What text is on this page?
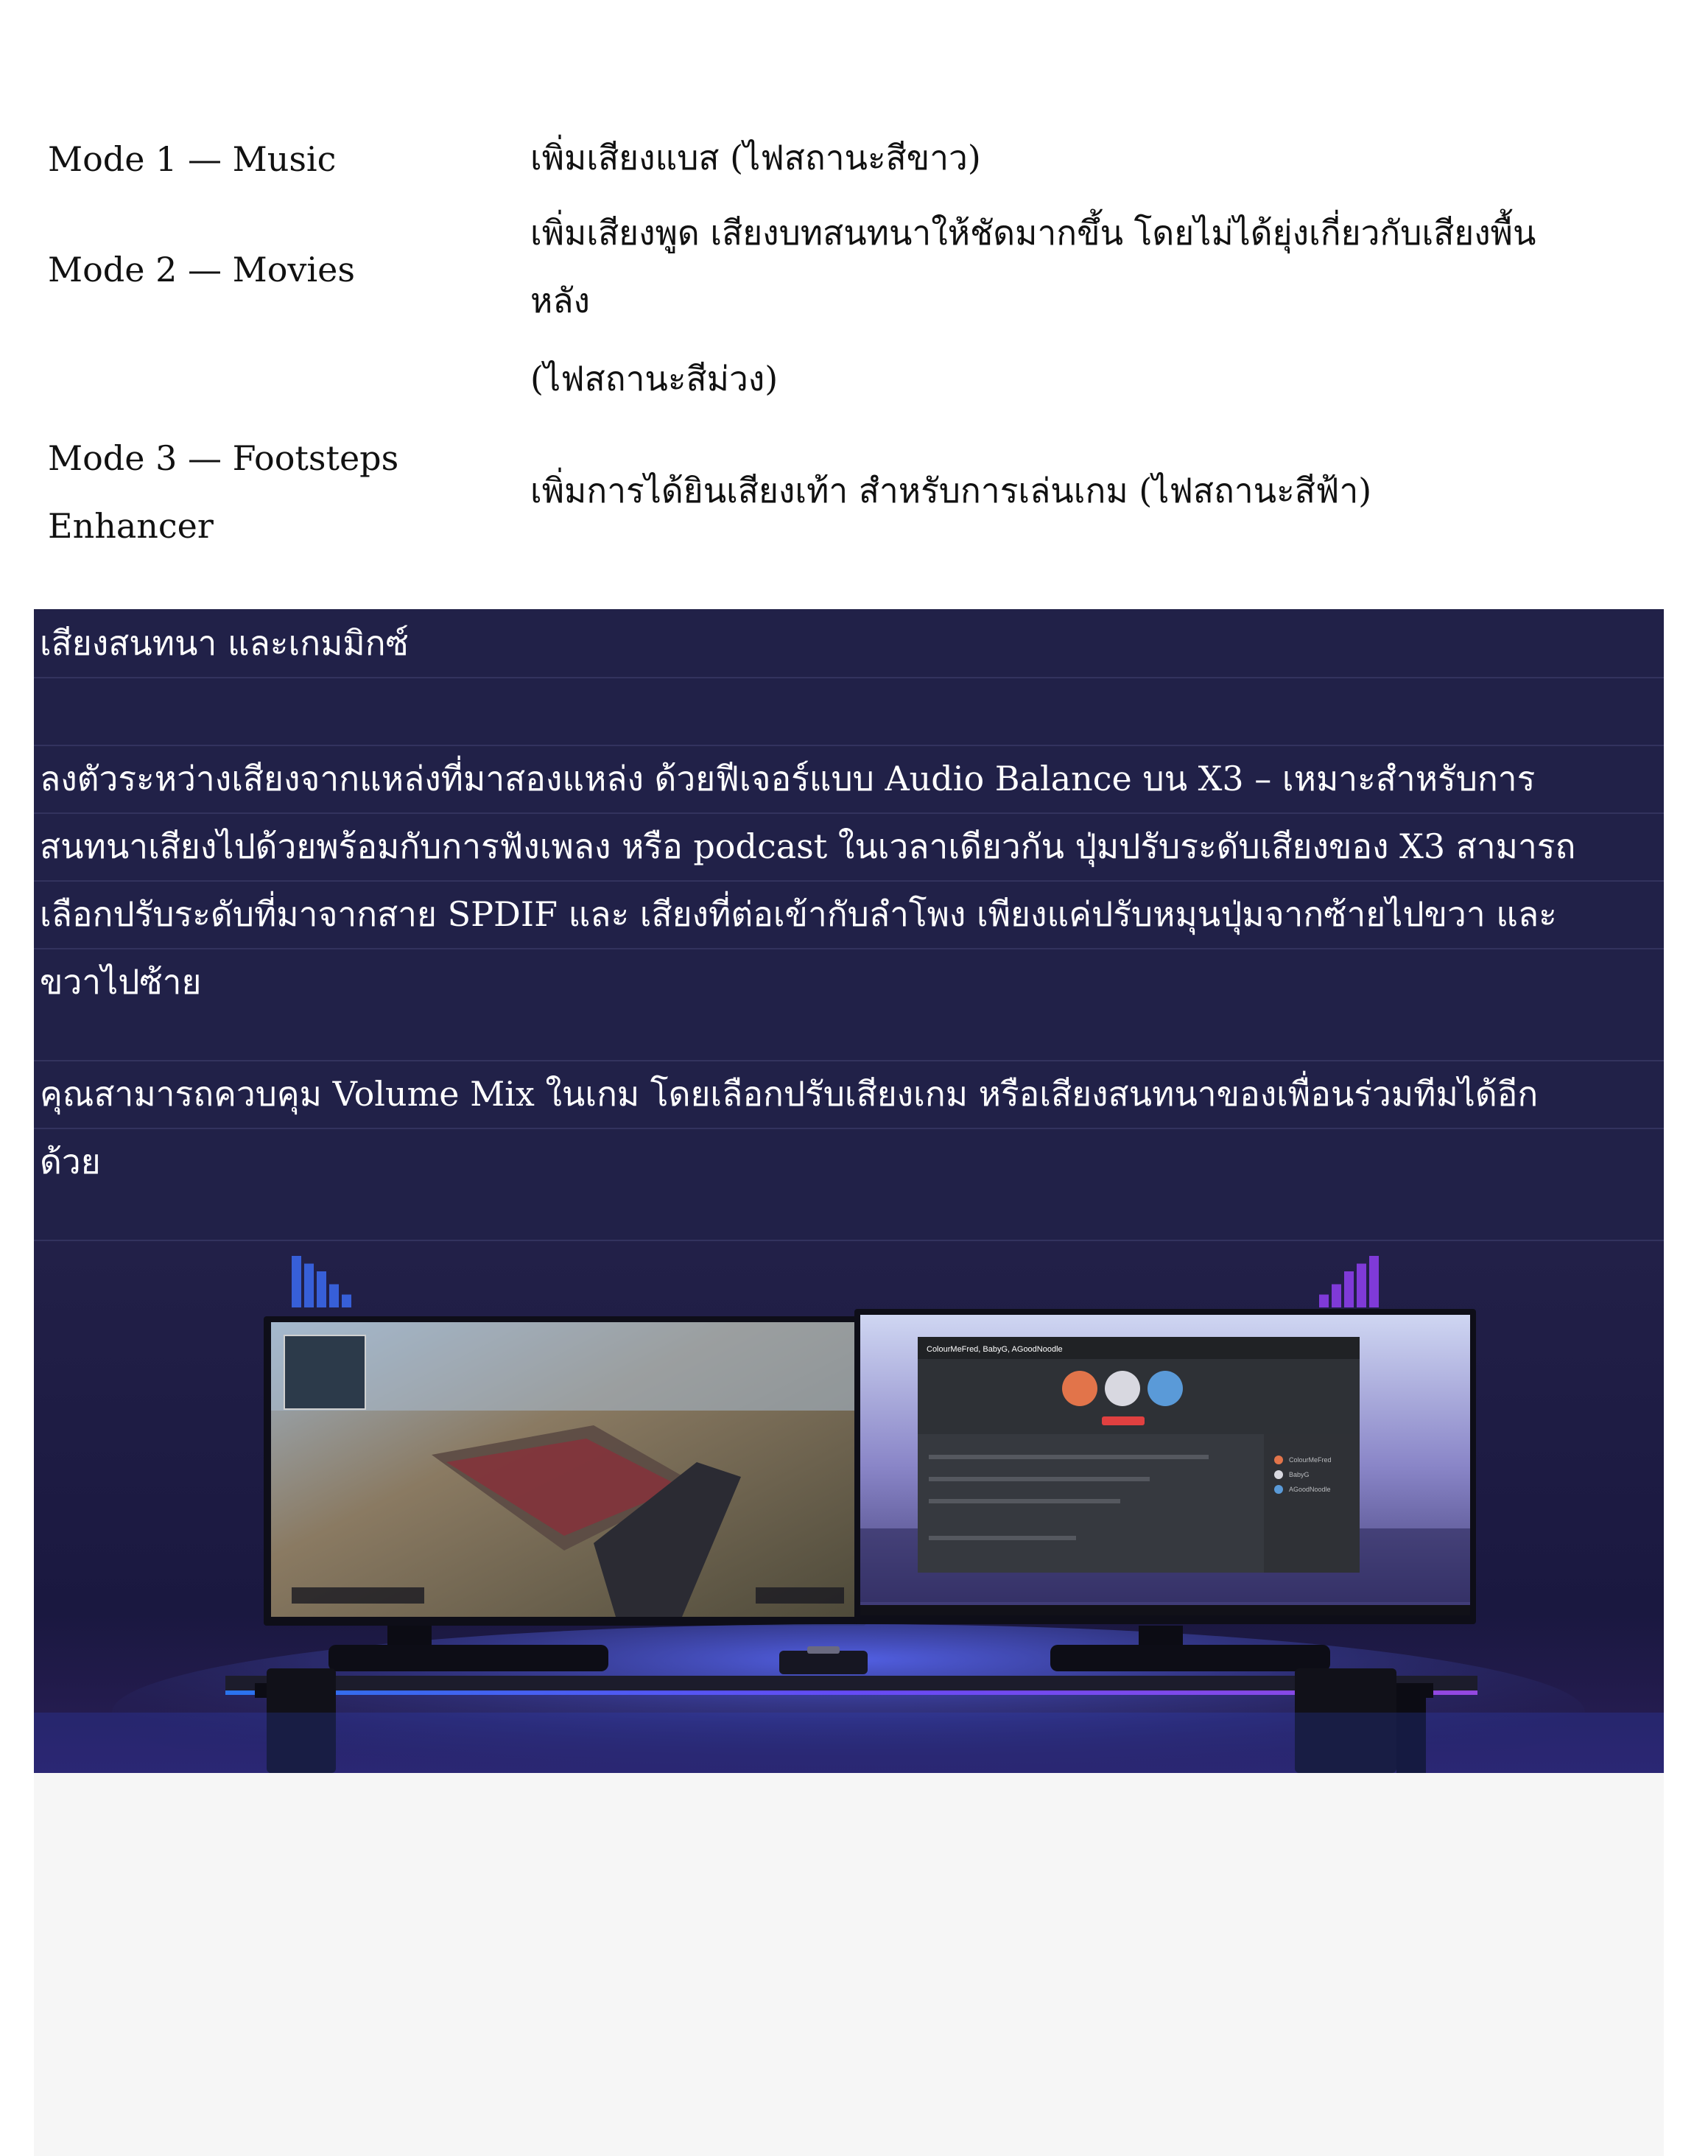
Mode 1 — Music	เพิ่มเสียงแบส (ไฟสถานะสีขาว)
Mode 2 — Movies
เพิ่มเสียงพูด เสียงบทสนทนาให้ชัดมากขึ้น โดยไม่ได้ยุ่งเกี่ยวกับเสียงพื้น
หลัง
(ไฟสถานะสีม่วง)
Mode 3 — Footsteps
Enhancer
เพิ่มการได้ยินเสียงเท้า สำหรับการเล่นเกม (ไฟสถานะสีฟ้า)
เสียงสนทนา และเกมมิกซ์
ลงตัวระหว่างเสียงจากแหล่งที่มาสองแหล่ง ด้วยฟีเจอร์แบบ Audio Balance บน X3 – เหมาะสำหรับการ
สนทนาเสียงไปด้วยพร้อมกับการฟังเพลง หรือ podcast ในเวลาเดียวกัน ปุ่มปรับระดับเสียงของ X3 สามารถ
เลือกปรับระดับที่มาจากสาย SPDIF และ เสียงที่ต่อเข้ากับลำโพง เพียงแค่ปรับหมุนปุ่มจากซ้ายไปขวา และ
ขวาไปซ้าย
คุณสามารถควบคุม Volume Mix ในเกม โดยเลือกปรับเสียงเกม หรือเสียงสนทนาของเพื่อนร่วมทีมได้อีก
ด้วย
ColourMeFred, BabyG, AGoodNoodle
ColourMeFred
BabyG
AGoodNoodle
